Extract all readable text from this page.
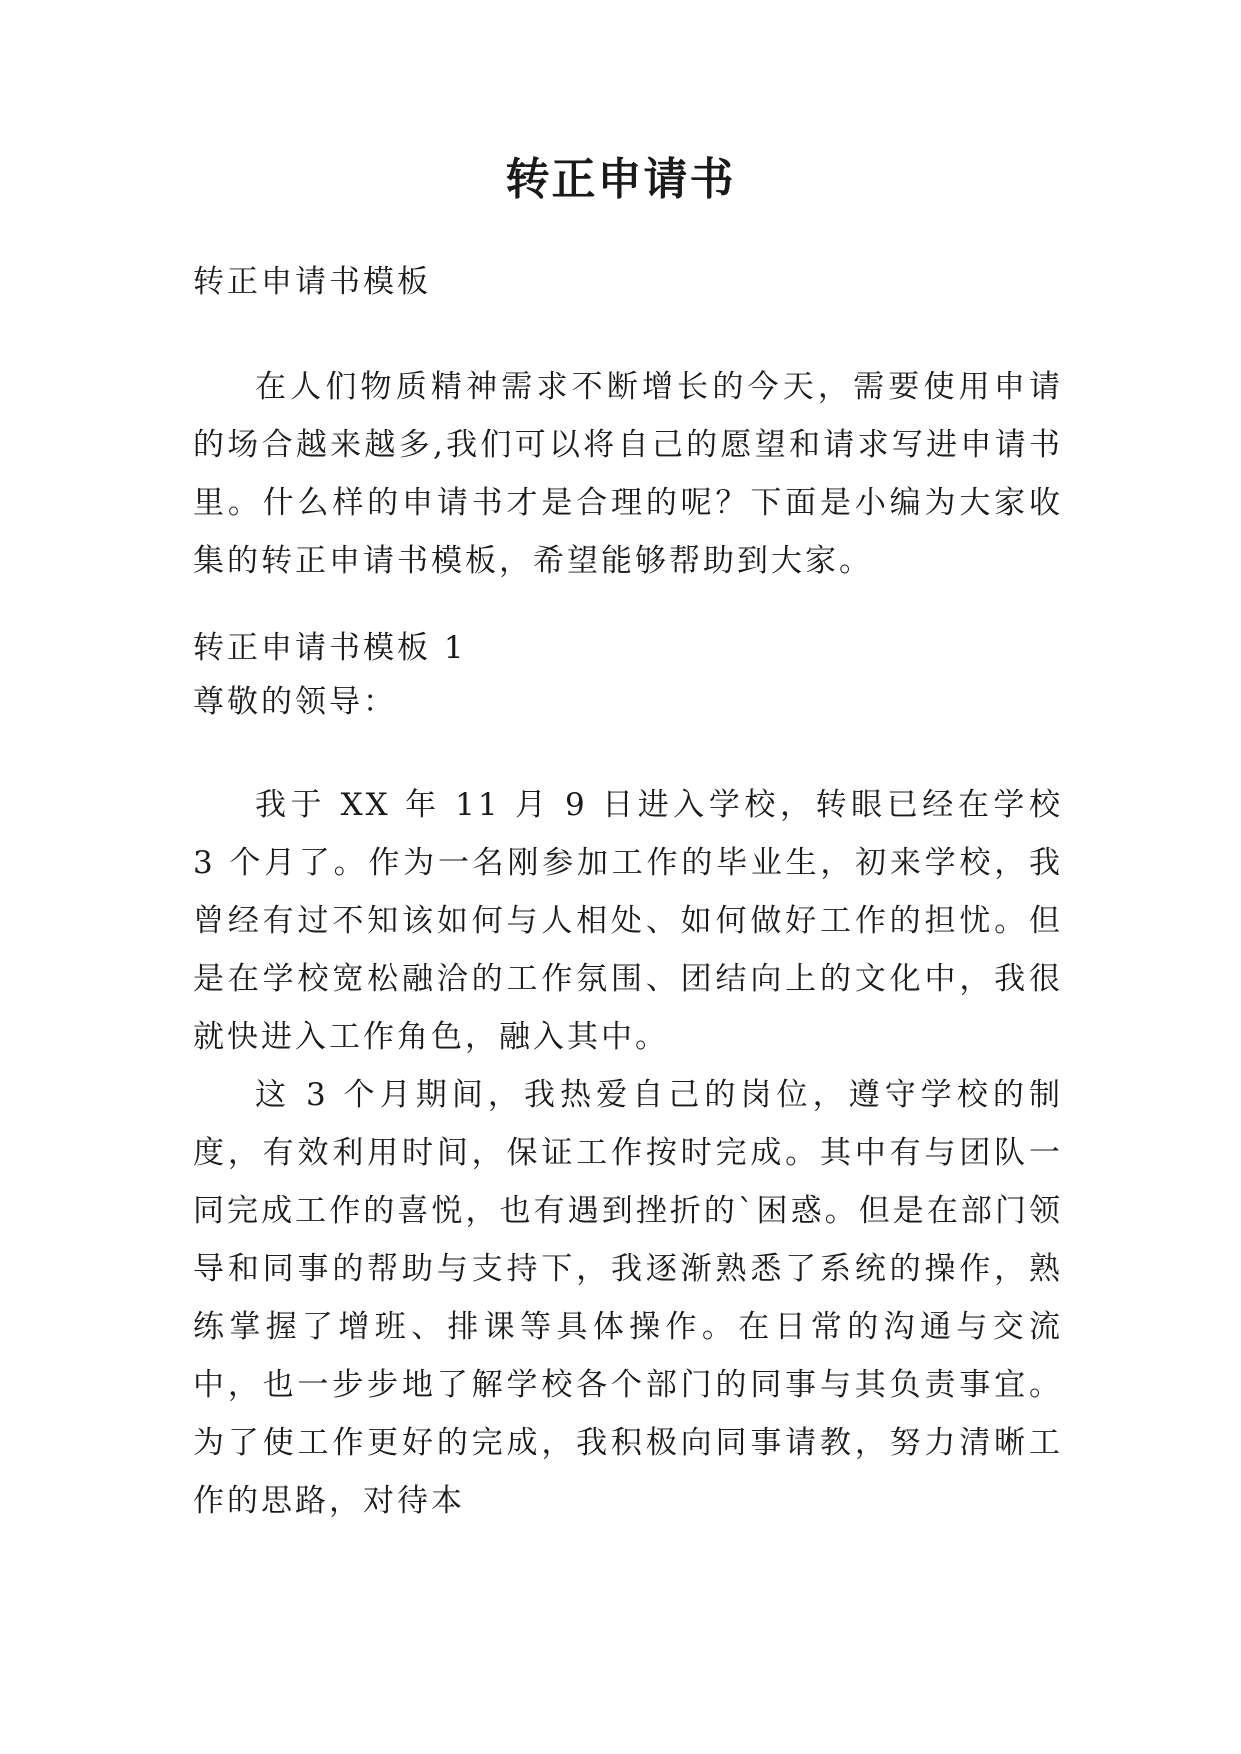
转正申请书

转正申请书模板

在人们物质精神需求不断增长的今天，需要使用申请的场合越来越多,我们可以将自己的愿望和请求写进申请书里。什么样的申请书才是合理的呢？下面是小编为大家收集的转正申请书模板，希望能够帮助到大家。

转正申请书模板 1

尊敬的领导：

我于 XX 年 11 月 9 日进入学校，转眼已经在学校 3 个月了。作为一名刚参加工作的毕业生，初来学校，我曾经有过不知该如何与人相处、如何做好工作的担忧。但是在学校宽松融洽的工作氛围、团结向上的文化中，我很就快进入工作角色，融入其中。

这 3 个月期间，我热爱自己的岗位，遵守学校的制度，有效利用时间，保证工作按时完成。其中有与团队一同完成工作的喜悦，也有遇到挫折的`困惑。但是在部门领导和同事的帮助与支持下，我逐渐熟悉了系统的操作，熟练掌握了增班、排课等具体操作。在日常的沟通与交流中，也一步步地了解学校各个部门的同事与其负责事宜。为了使工作更好的完成，我积极向同事请教，努力清晰工作的思路，对待本
